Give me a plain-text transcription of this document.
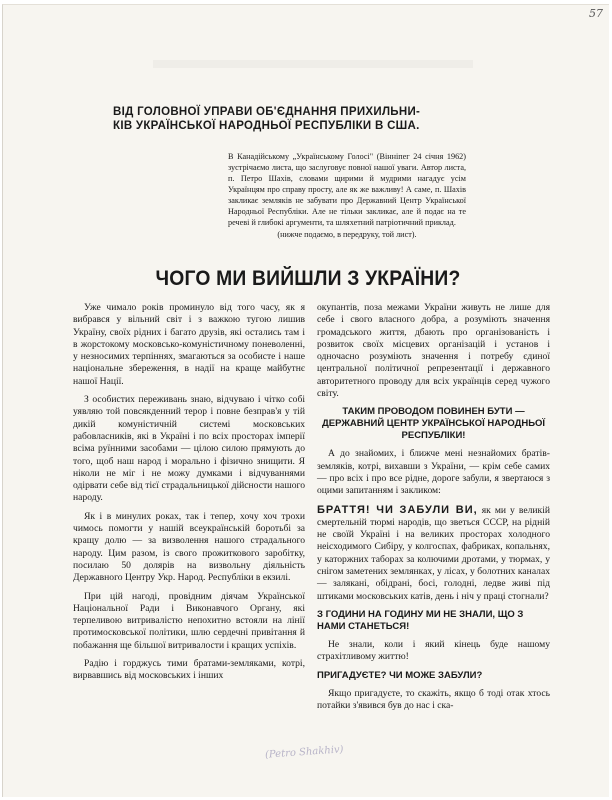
57
ВІД ГОЛОВНОЇ УПРАВИ ОБ'ЄДНАННЯ ПРИХИЛЬНИ-
КІВ УКРАЇНСЬКОЇ НАРОДНЬОЇ РЕСПУБЛІКИ В США.

В Канадійському „Українському Голосі" (Вінніпег 24 січня 1962) зустрічаємо листа, що заслуговує повної нашої уваги. Автор листа, п. Петро Шахів, словами щирими й мудрими нагадує усім Українцям про справу просту, але як же важливу! А саме, п. Шахів закликає земляків не забувати про Державний Центр Української Народньої Республіки. Але не тільки закликає, але й подає на те речеві й глибокі аргументи, та шляхетний патріотичний приклад.

(нижче подаємо, в передруку, той лист).

ЧОГО МИ ВИЙШЛИ З УКРАЇНИ?

Уже чимало років проминуло від того часу, як я вибрався у вільний світ і з важкою тугою лишив Україну, своїх рідних і багато друзів, які остались там і в жорстокому московсько-комуністичному поневоленні, у незносимих терпіннях, змагаються за особисте і наше національне збереження, в надії на краще майбутнє нашої Нації.

З особистих переживань знаю, відчуваю і чітко собі уявляю той повсякденний терор і повне безправ'я у тій дикій комуністичній системі московських рабовласників, які в Україні і по всіх просторах імперії всіма руїнними засобами — цілою силою прямують до того, щоб наш народ і морально і фізично знищити. Я ніколи не міг і не можу думками і відчуваннями одірвати себе від тієї страдальницької дійсности нашого народу.

Як і в минулих роках, так і тепер, хочу хоч трохи чимось помогти у нашій всеукраїнській боротьбі за кращу долю — за визволення нашого страдального народу. Цим разом, із свого прожиткового заробітку, посилаю 50 долярів на визвольну діяльність Державного Центру Укр. Народ. Республіки в екзилі.

При цій нагоді, провідним діячам Української Національної Ради і Виконавчого Органу, які терпеливою витривалістю непохитно встояли на лінії протимосковської політики, шлю сердечні привітання й побажання ще більшої витривалости і кращих успіхів.

Радію і горджусь тими братами-земляками, котрі, вирвавшись від московських і інших

окупантів, поза межами України живуть не лише для себе і свого власного добра, а розуміють значення громадського життя, дбають про організованість і розвиток своїх місцевих організацій і установ і одночасно розуміють значення і потребу єдиної центральної політичної репрезентації і державного авторитетного проводу для всіх українців серед чужого світу.

ТАКИМ ПРОВОДОМ ПОВИНЕН БУТИ — ДЕРЖАВНИЙ ЦЕНТР УКРАЇНСЬКОЇ НАРОДНЬОЇ РЕСПУБЛІКИ!

А до знайомих, і ближче мені незнайомих братів-земляків, котрі, вихавши з України, — крім себе самих — про всіх і про все рідне, дороге забули, я звертаюся з оцими запитанням і закликом:

БРАТТЯ! ЧИ ЗАБУЛИ ВИ, як ми у великій смертельній тюрмі народів, що зветься СССР, на рідній не своїй Україні і на великих просторах холодного неісходимого Сибіру, у колгоспах, фабриках, копальнях, у каторжних таборах за колючими дротами, у тюрмах, у снігом заметених землянках, у лісах, у болотних каналах — залякані, обідрані, босі, голодні, ледве живі під штиками московських катів, день і ніч у праці стогнали?

З ГОДИНИ НА ГОДИНУ МИ НЕ ЗНАЛИ, ЩО З НАМИ СТАНЕТЬСЯ!

Не знали, коли і який кінець буде нашому страхітливому життю!

ПРИГАДУЄТЕ? ЧИ МОЖЕ ЗАБУЛИ?

Якщо пригадуєте, то скажіть, якщо б тоді отак хтось потайки з'явився був до нас і ска-

(Petro Shakhiv)
